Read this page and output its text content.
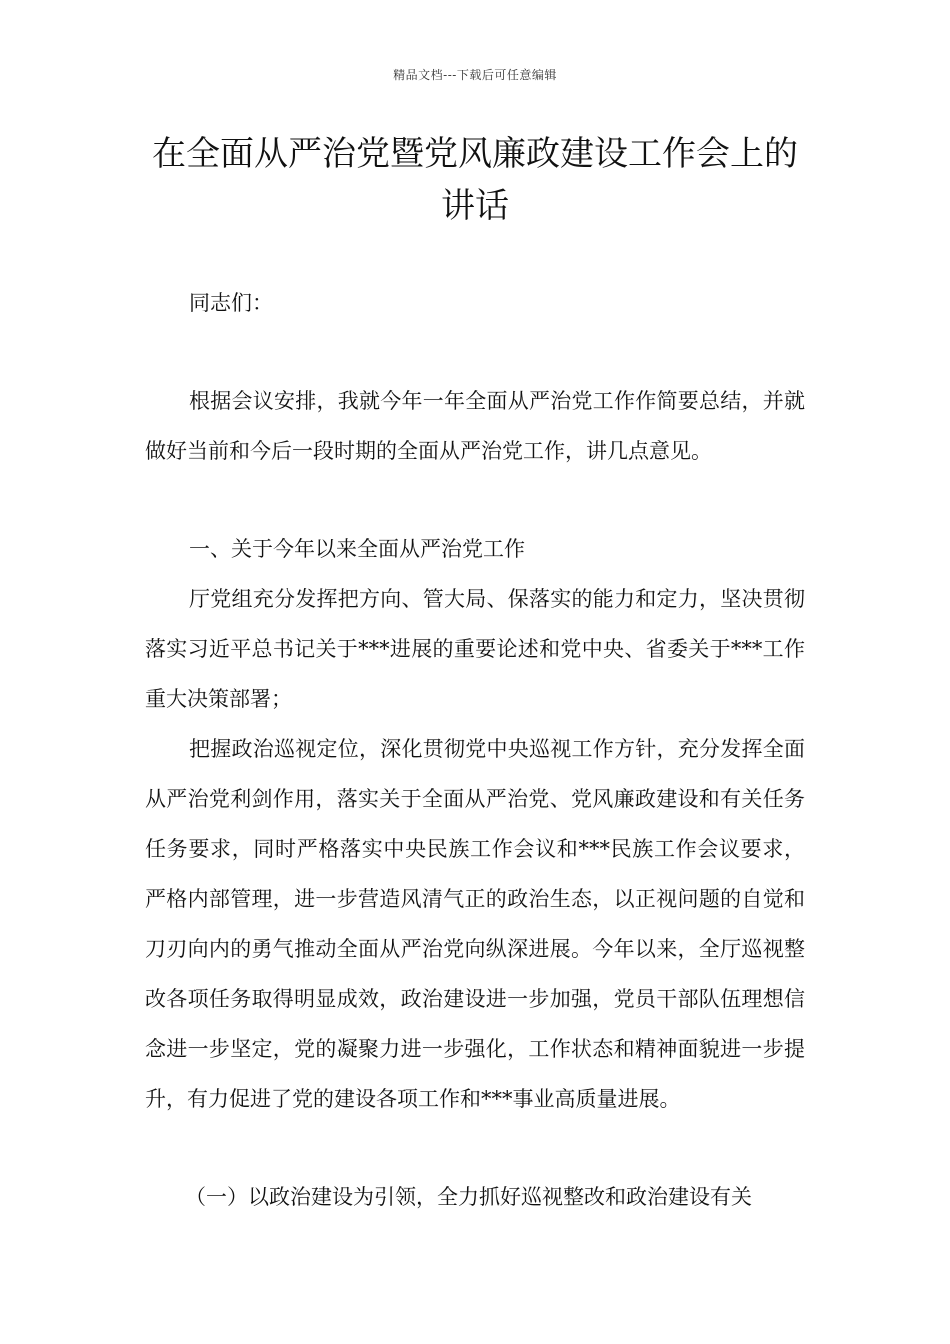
精品文档---下载后可任意编辑
在全面从严治党暨党风廉政建设工作会上的讲话

同志们：

根据会议安排，我就今年一年全面从严治党工作作简要总结，并就做好当前和今后一段时期的全面从严治党工作，讲几点意见。

一、关于今年以来全面从严治党工作

厅党组充分发挥把方向、管大局、保落实的能力和定力，坚决贯彻落实习近平总书记关于***进展的重要论述和党中央、省委关于***工作重大决策部署；

把握政治巡视定位，深化贯彻党中央巡视工作方针，充分发挥全面从严治党利剑作用，落实关于全面从严治党、党风廉政建设和有关任务任务要求，同时严格落实中央民族工作会议和***民族工作会议要求，严格内部管理，进一步营造风清气正的政治生态，以正视问题的自觉和刀刃向内的勇气推动全面从严治党向纵深进展。今年以来，全厅巡视整改各项任务取得明显成效，政治建设进一步加强，党员干部队伍理想信念进一步坚定，党的凝聚力进一步强化，工作状态和精神面貌进一步提升，有力促进了党的建设各项工作和***事业高质量进展。

（一）以政治建设为引领，全力抓好巡视整改和政治建设有关
